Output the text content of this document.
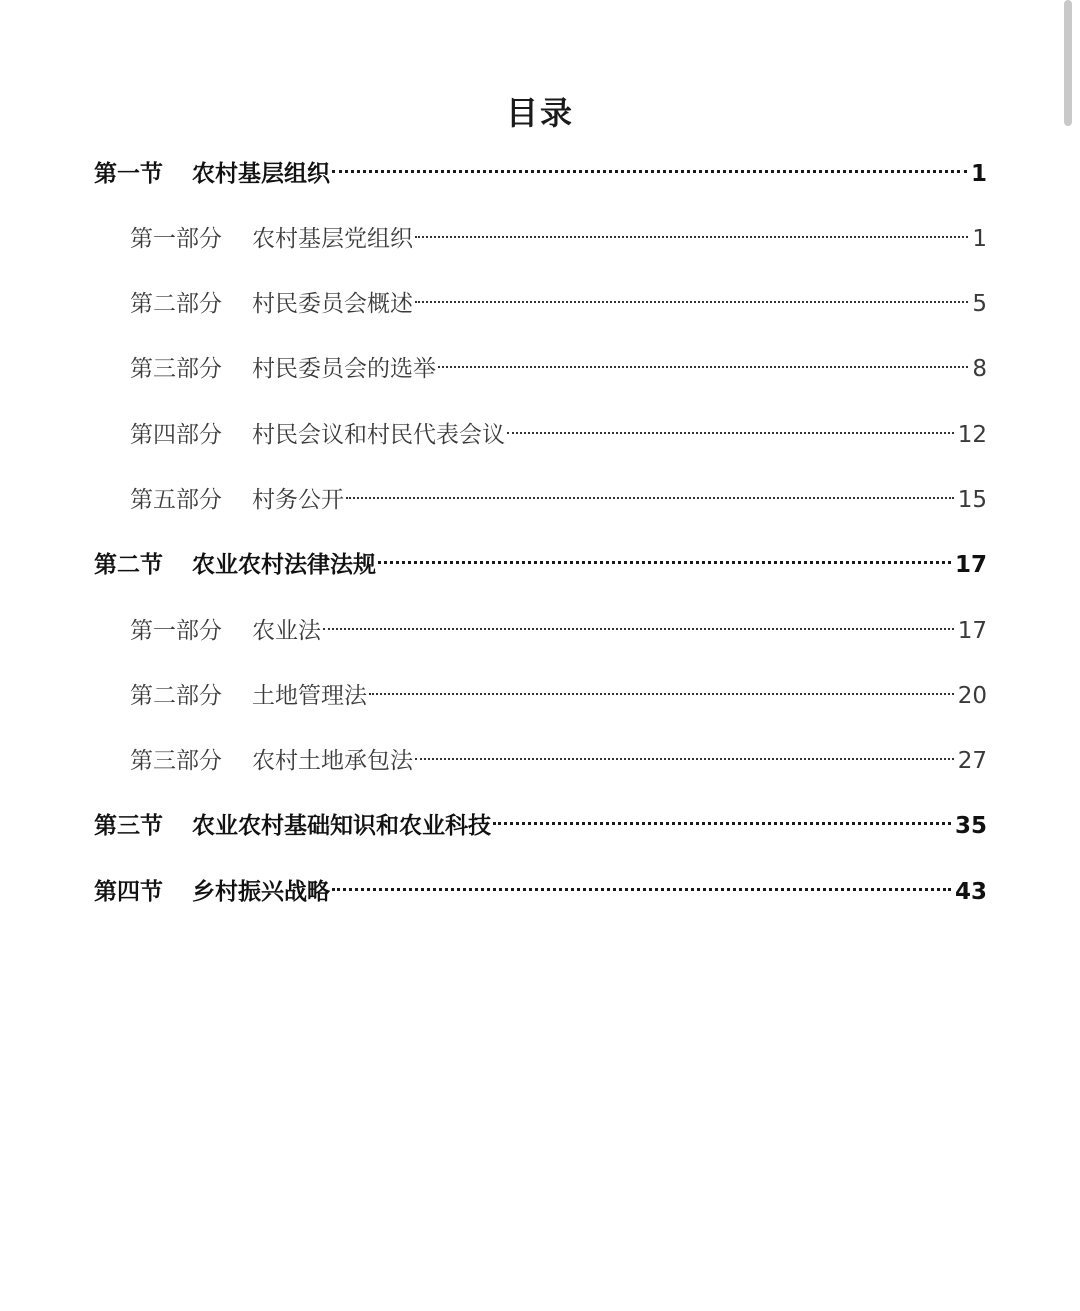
目录
第一节	农村基层组织	1
第一部分	农村基层党组织	1
第二部分	村民委员会概述	5
第三部分	村民委员会的选举	8
第四部分	村民会议和村民代表会议	12
第五部分	村务公开	15
第二节	农业农村法律法规	17
第一部分	农业法	17
第二部分	土地管理法	20
第三部分	农村土地承包法	27
第三节	农业农村基础知识和农业科技	35
第四节	乡村振兴战略	43
